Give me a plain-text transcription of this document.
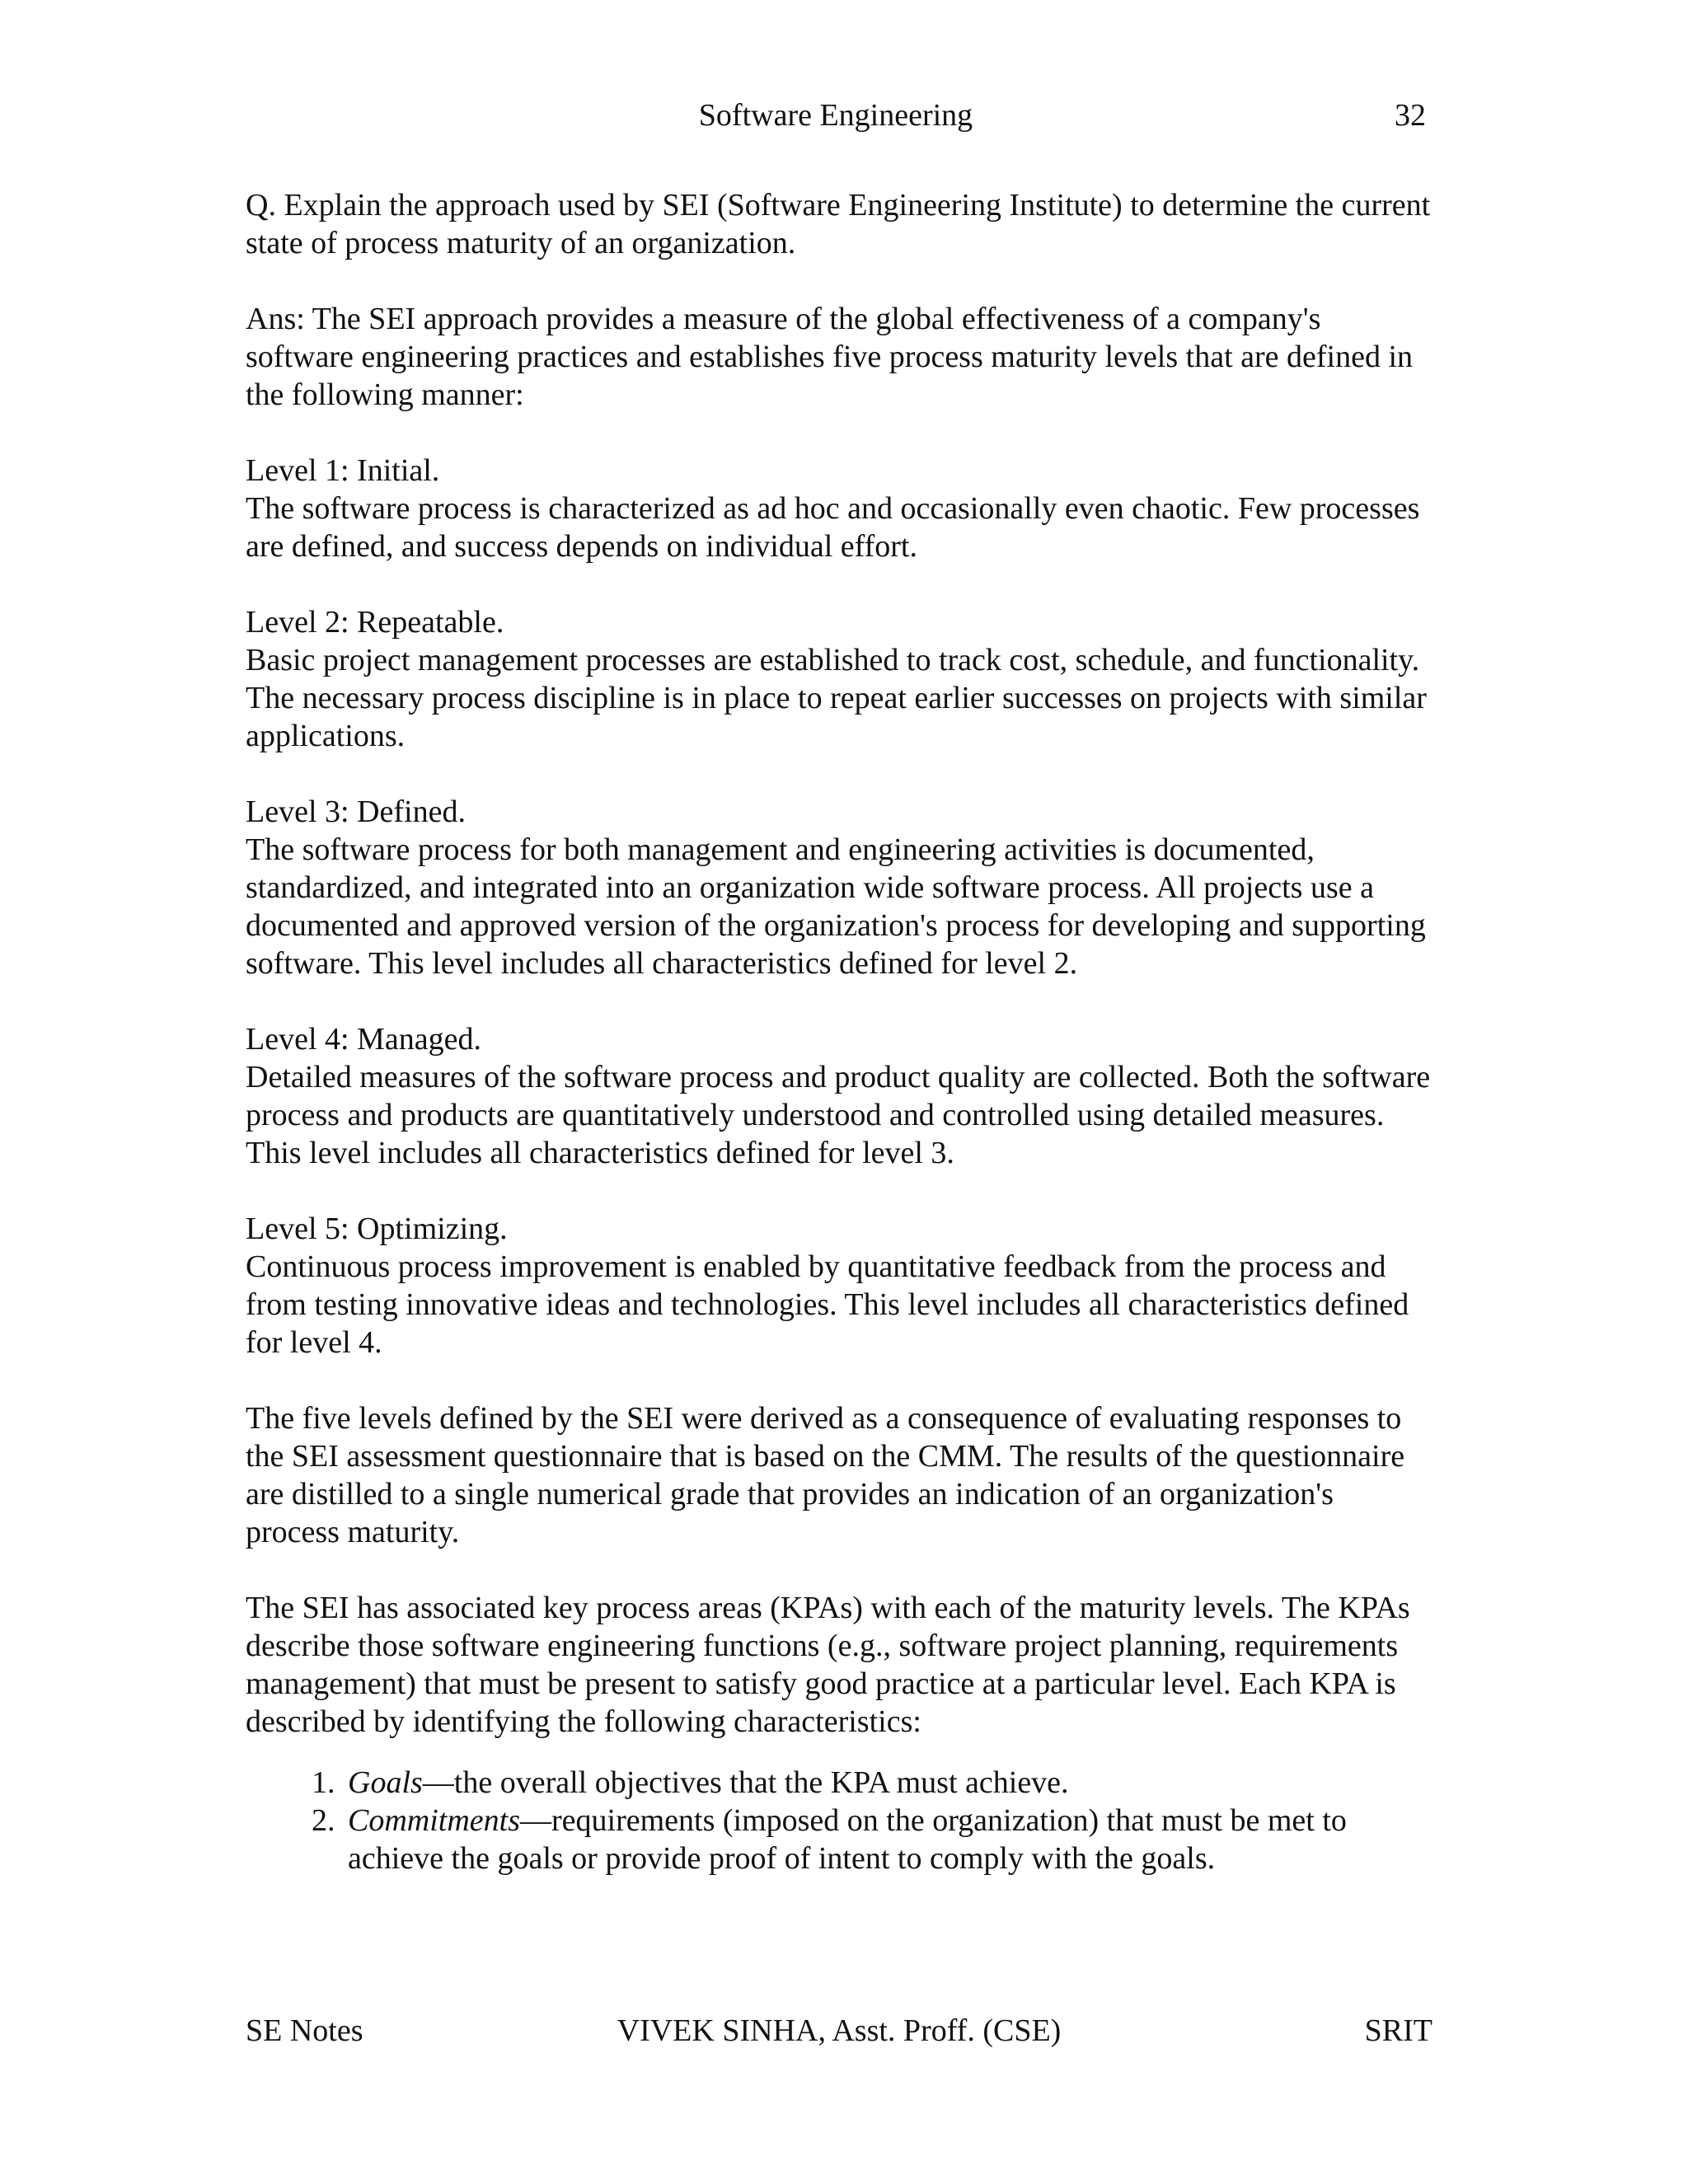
Software Engineering	32

Q. Explain the approach used by SEI (Software Engineering Institute) to determine the current state of process maturity of an organization.

Ans: The SEI approach provides a measure of the global effectiveness of a company's software engineering practices and establishes five process maturity levels that are defined in the following manner:

Level 1: Initial.

The software process is characterized as ad hoc and occasionally even chaotic. Few processes are defined, and success depends on individual effort.

Level 2: Repeatable.

Basic project management processes are established to track cost, schedule, and functionality. The necessary process discipline is in place to repeat earlier successes on projects with similar applications.

Level 3: Defined.

The software process for both management and engineering activities is documented, standardized, and integrated into an organization wide software process. All projects use a documented and approved version of the organization's process for developing and supporting software. This level includes all characteristics defined for level 2.

Level 4: Managed.

Detailed measures of the software process and product quality are collected. Both the software process and products are quantitatively understood and controlled using detailed measures. This level includes all characteristics defined for level 3.

Level 5: Optimizing.

Continuous process improvement is enabled by quantitative feedback from the process and from testing innovative ideas and technologies. This level includes all characteristics defined for level 4.

The five levels defined by the SEI were derived as a consequence of evaluating responses to the SEI assessment questionnaire that is based on the CMM. The results of the questionnaire are distilled to a single numerical grade that provides an indication of an organization's process maturity.

The SEI has associated key process areas (KPAs) with each of the maturity levels. The KPAs describe those software engineering functions (e.g., software project planning, requirements management) that must be present to satisfy good practice at a particular level. Each KPA is described by identifying the following characteristics:

1. Goals—the overall objectives that the KPA must achieve.
2. Commitments—requirements (imposed on the organization) that must be met to achieve the goals or provide proof of intent to comply with the goals.
SE Notes	VIVEK SINHA, Asst. Proff. (CSE)	SRIT
